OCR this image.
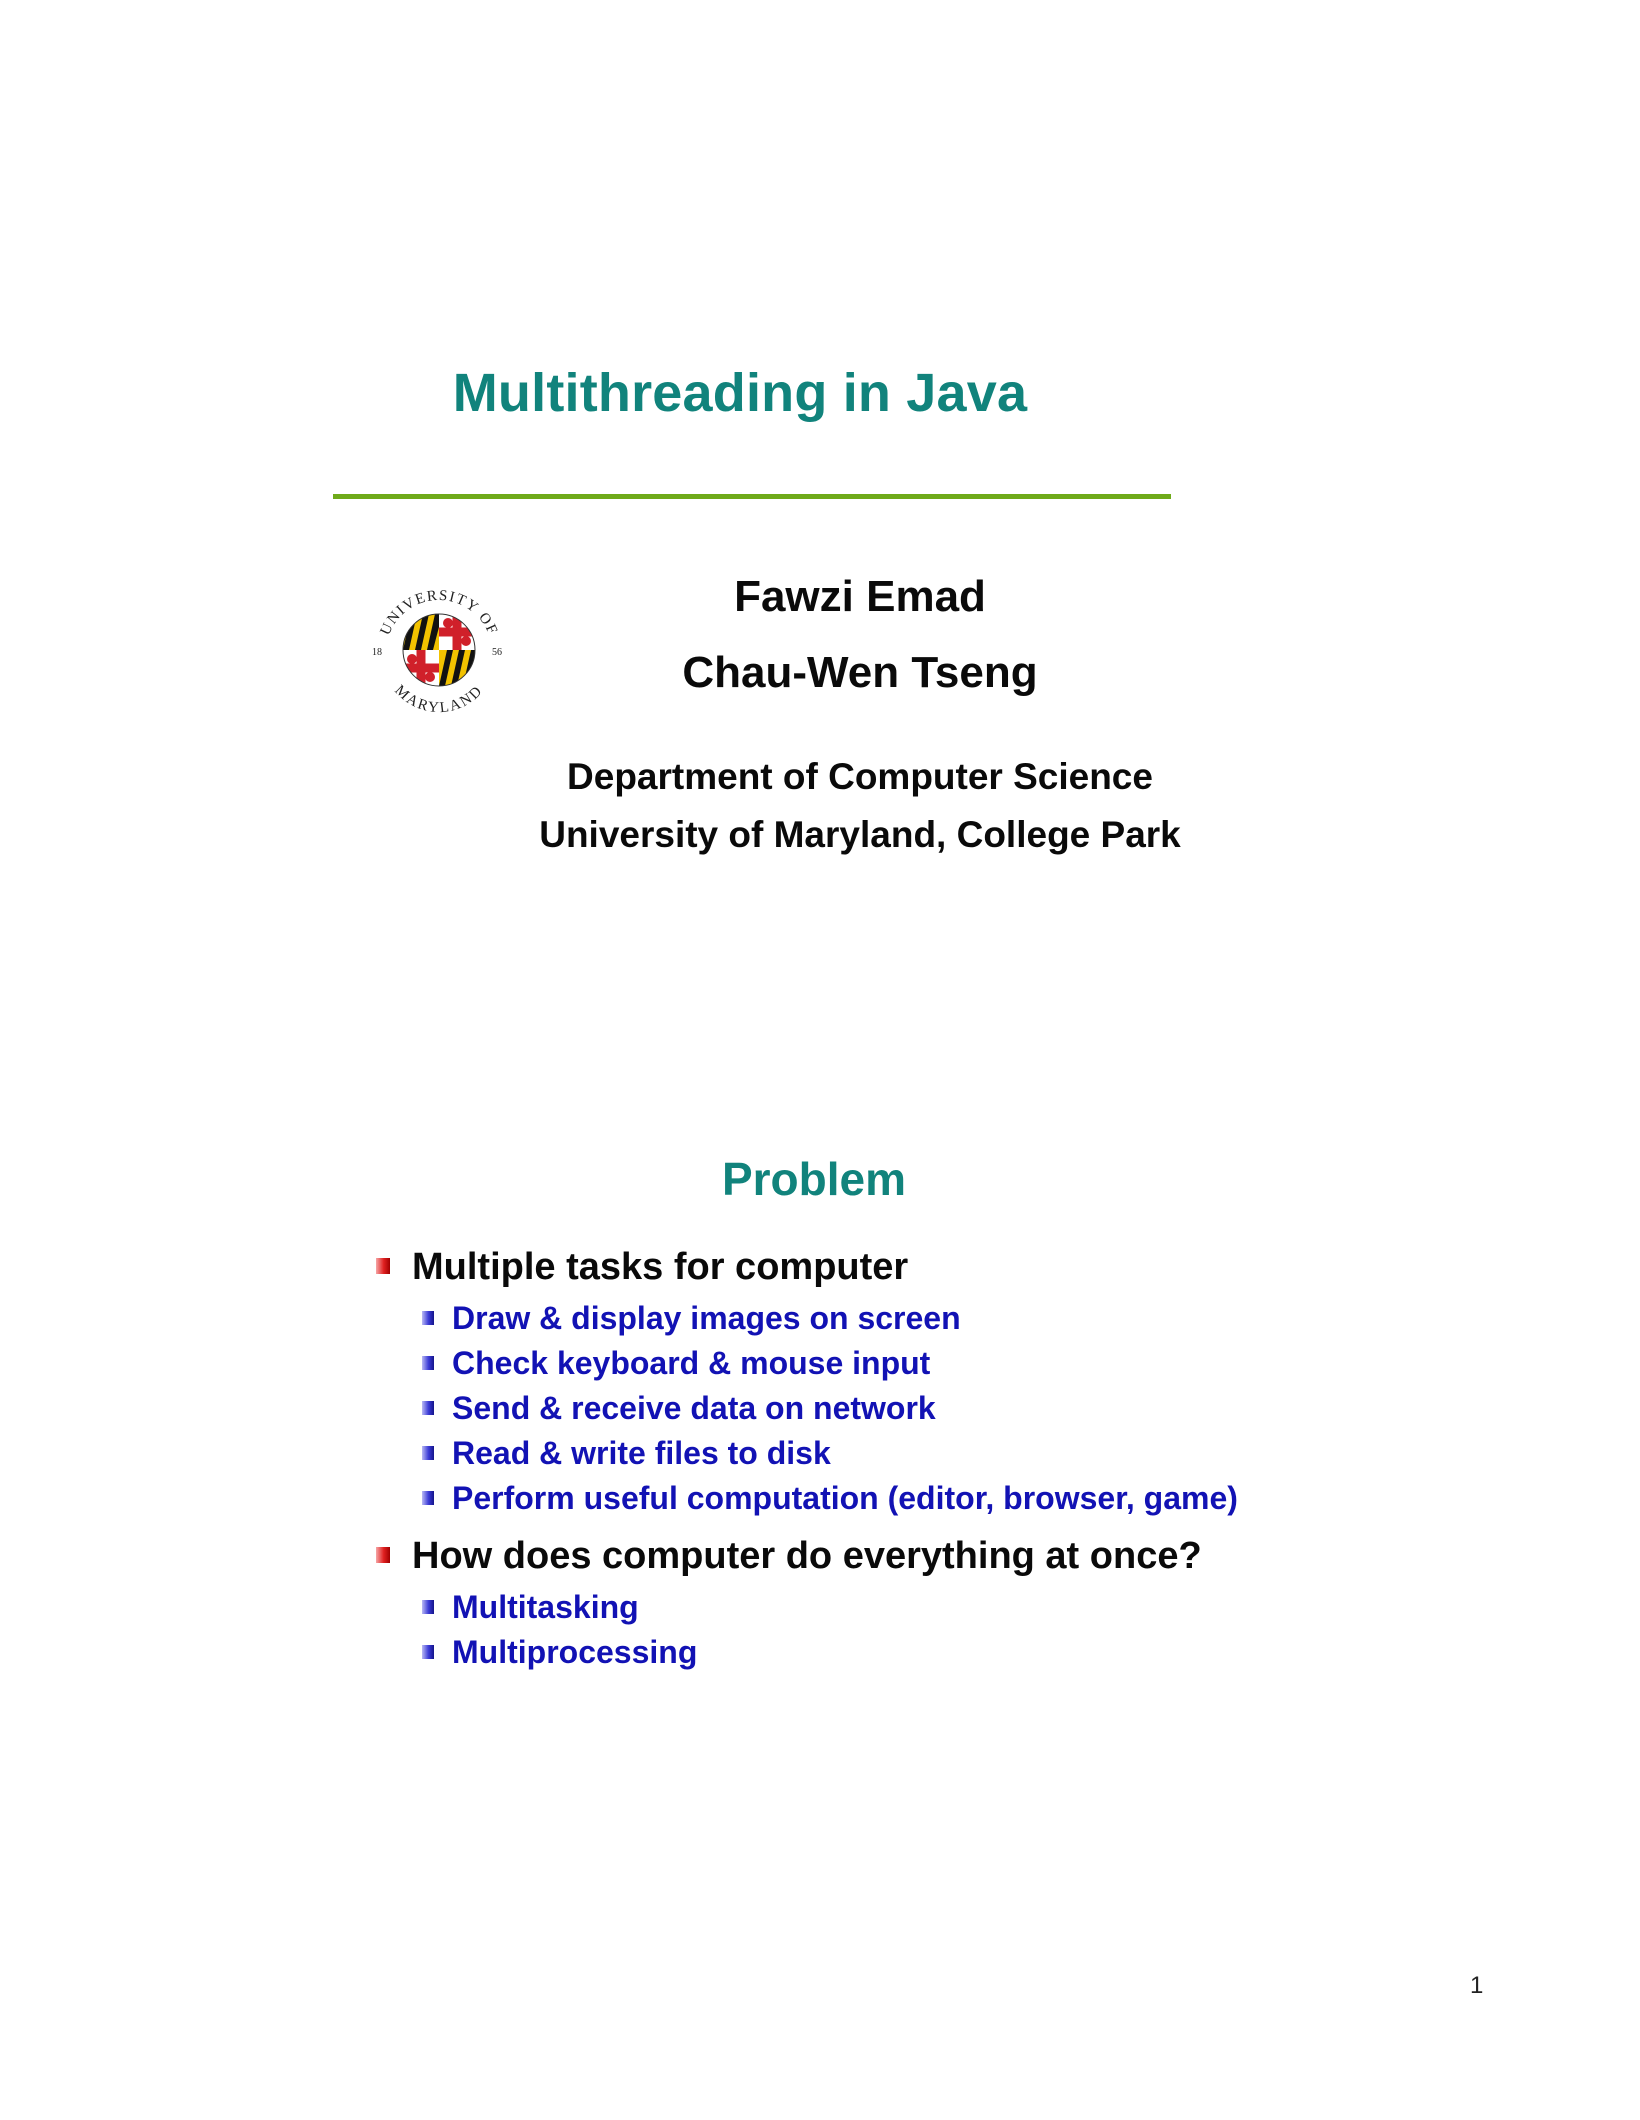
Multithreading in Java
UNIVERSITY OF
MARYLAND
18	56
Fawzi Emad
Chau-Wen Tseng
Department of Computer Science
University of Maryland, College Park
Problem
Multiple tasks for computer
Draw & display images on screen
Check keyboard & mouse input
Send & receive data on network
Read & write files to disk
Perform useful computation (editor, browser, game)
How does computer do everything at once?
Multitasking
Multiprocessing
1
